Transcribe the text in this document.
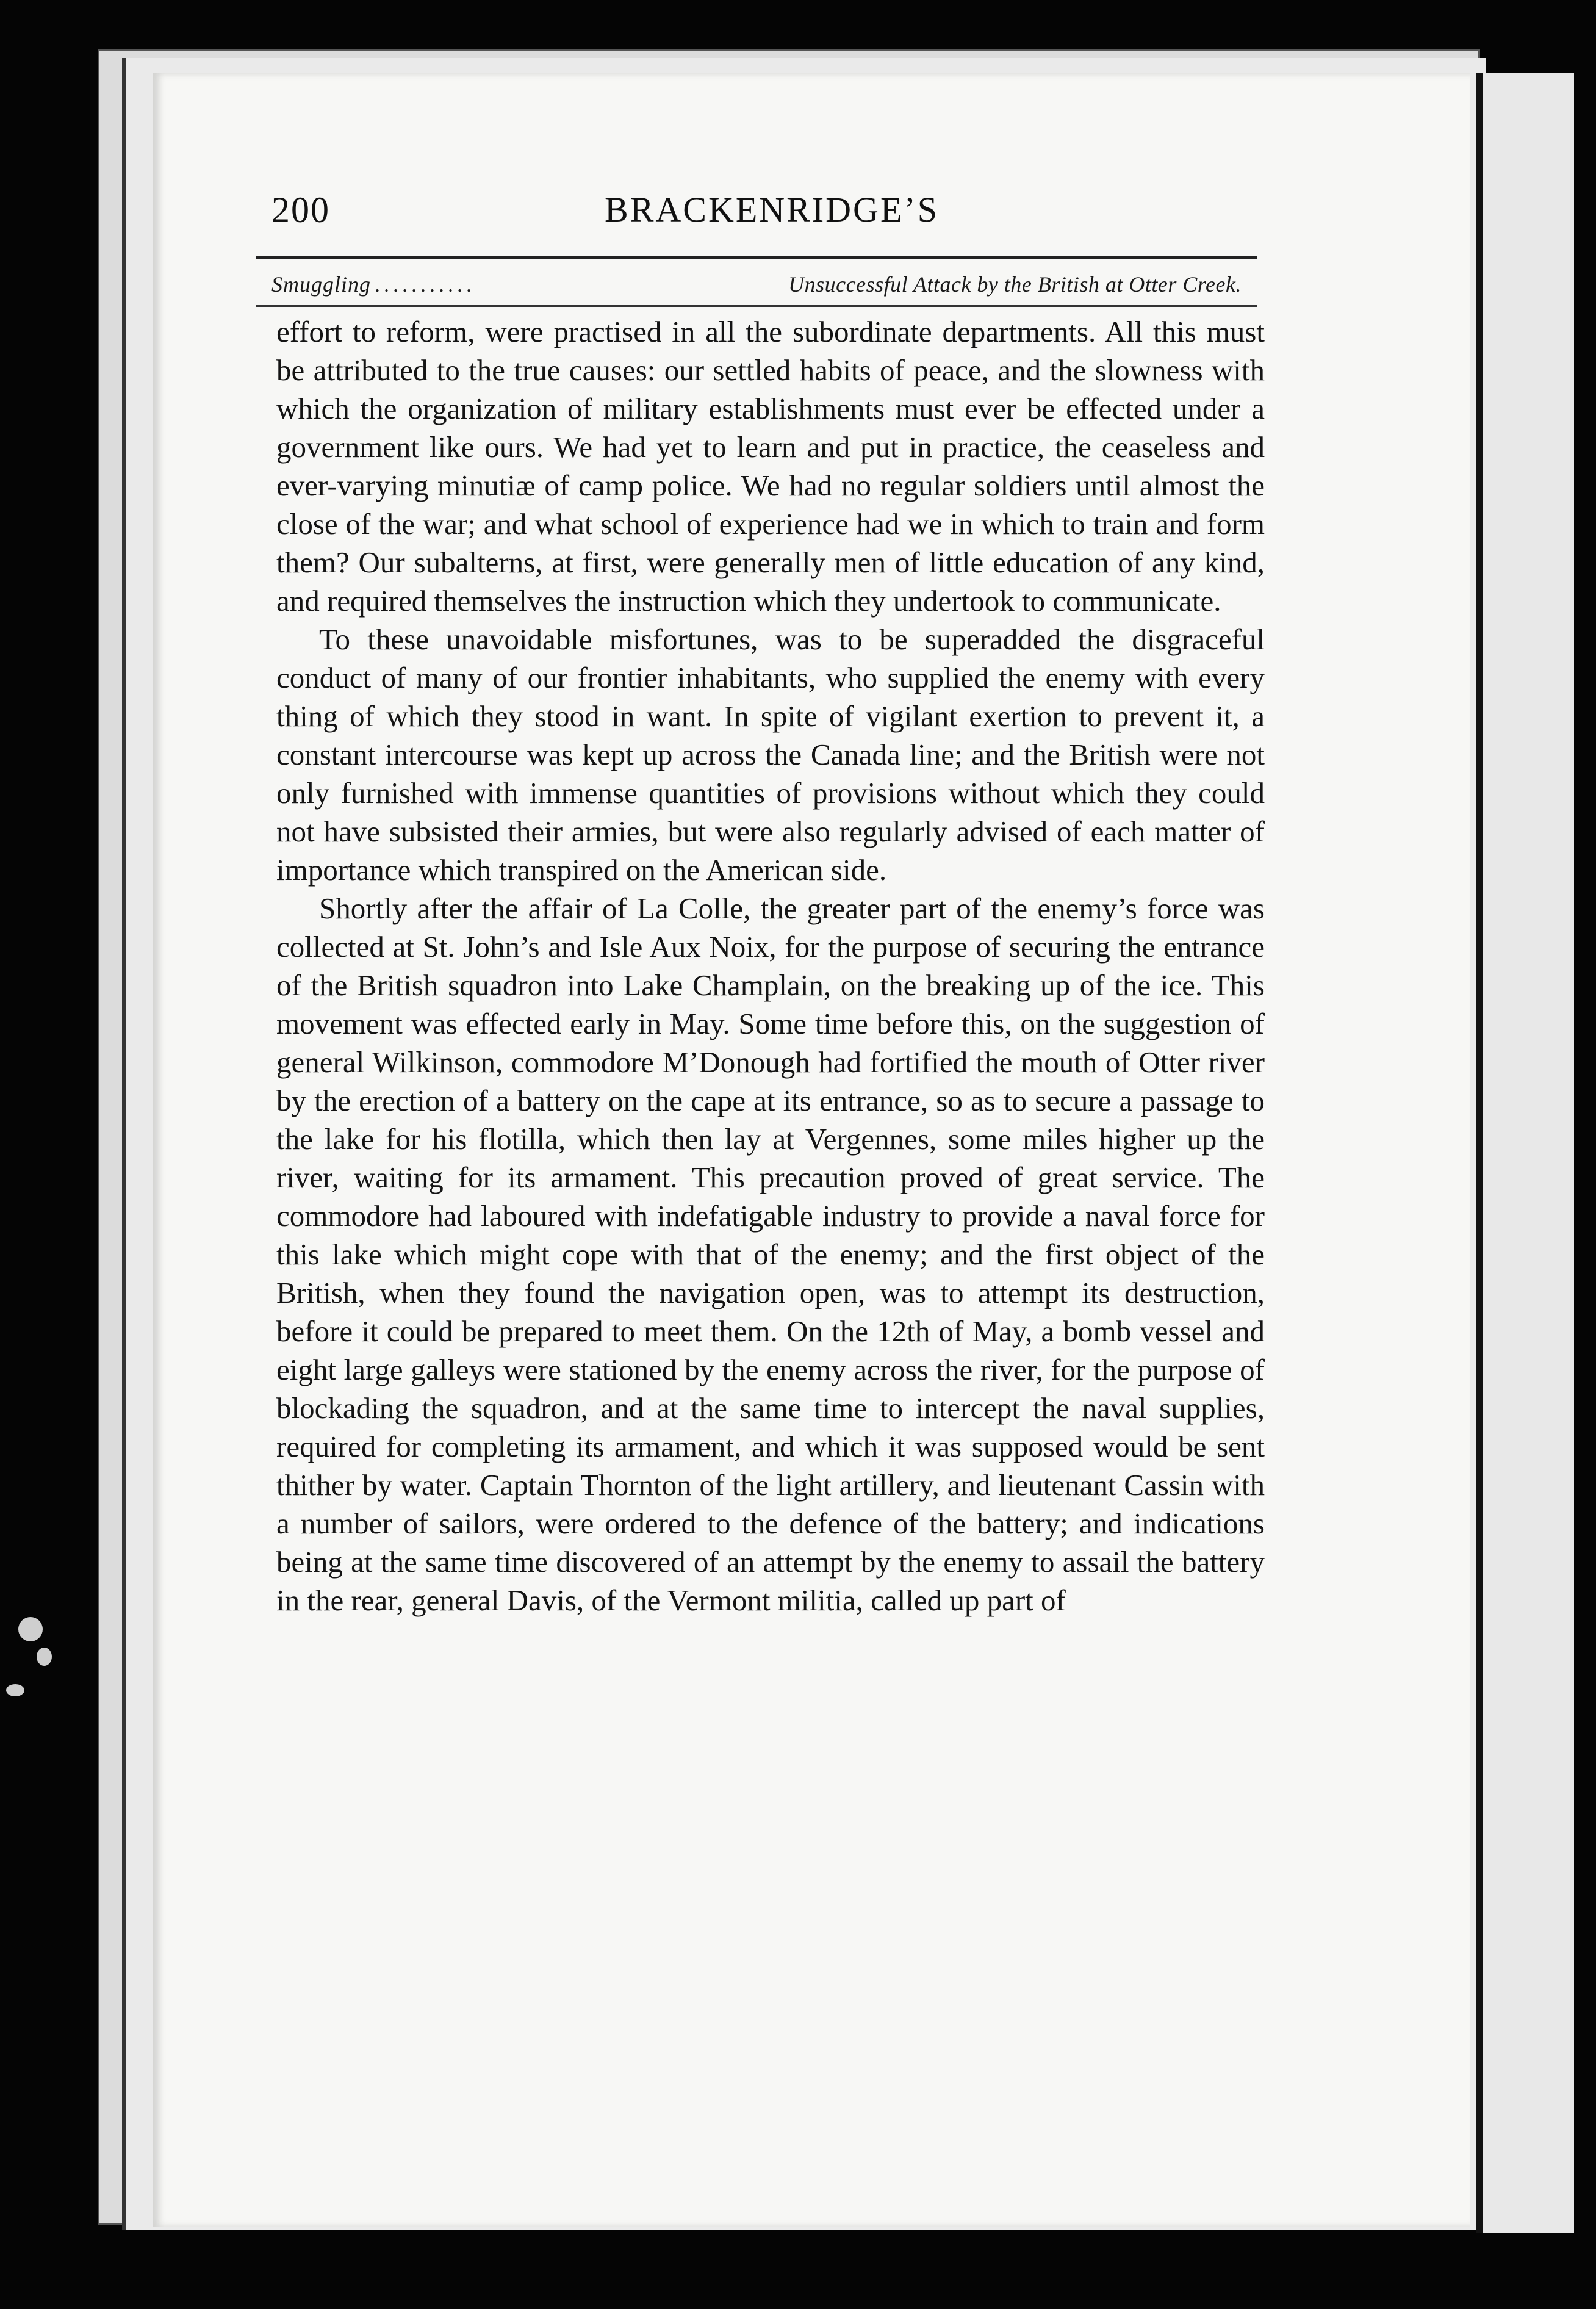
200	BRACKENRIDGE’S
Smuggling ...........	Unsuccessful Attack by the British at Otter Creek.

effort to reform, were practised in all the subordinate departments. All this must be attributed to the true causes: our settled habits of peace, and the slowness with which the organization of military establishments must ever be effected under a government like ours. We had yet to learn and put in practice, the ceaseless and ever-varying minutiæ of camp police. We had no regular soldiers until almost the close of the war; and what school of experience had we in which to train and form them? Our subalterns, at first, were generally men of little education of any kind, and required themselves the instruction which they undertook to communicate.

To these unavoidable misfortunes, was to be superadded the disgraceful conduct of many of our frontier inhabitants, who supplied the enemy with every thing of which they stood in want. In spite of vigilant exertion to prevent it, a constant intercourse was kept up across the Canada line; and the British were not only furnished with immense quantities of provisions without which they could not have subsisted their armies, but were also regularly advised of each matter of importance which transpired on the American side.

Shortly after the affair of La Colle, the greater part of the enemy’s force was collected at St. John’s and Isle Aux Noix, for the purpose of securing the entrance of the British squadron into Lake Champlain, on the breaking up of the ice. This movement was effected early in May. Some time before this, on the suggestion of general Wilkinson, commodore M’Donough had fortified the mouth of Otter river by the erection of a battery on the cape at its entrance, so as to secure a passage to the lake for his flotilla, which then lay at Vergennes, some miles higher up the river, waiting for its armament. This precaution proved of great service. The commodore had laboured with indefatigable industry to provide a naval force for this lake which might cope with that of the enemy; and the first object of the British, when they found the navigation open, was to attempt its destruction, before it could be prepared to meet them. On the 12th of May, a bomb vessel and eight large galleys were stationed by the enemy across the river, for the purpose of blockading the squadron, and at the same time to intercept the naval supplies, required for completing its armament, and which it was supposed would be sent thither by water. Captain Thornton of the light artillery, and lieutenant Cassin with a number of sailors, were ordered to the defence of the battery; and indications being at the same time discovered of an attempt by the enemy to assail the battery in the rear, general Davis, of the Vermont militia, called up part of
